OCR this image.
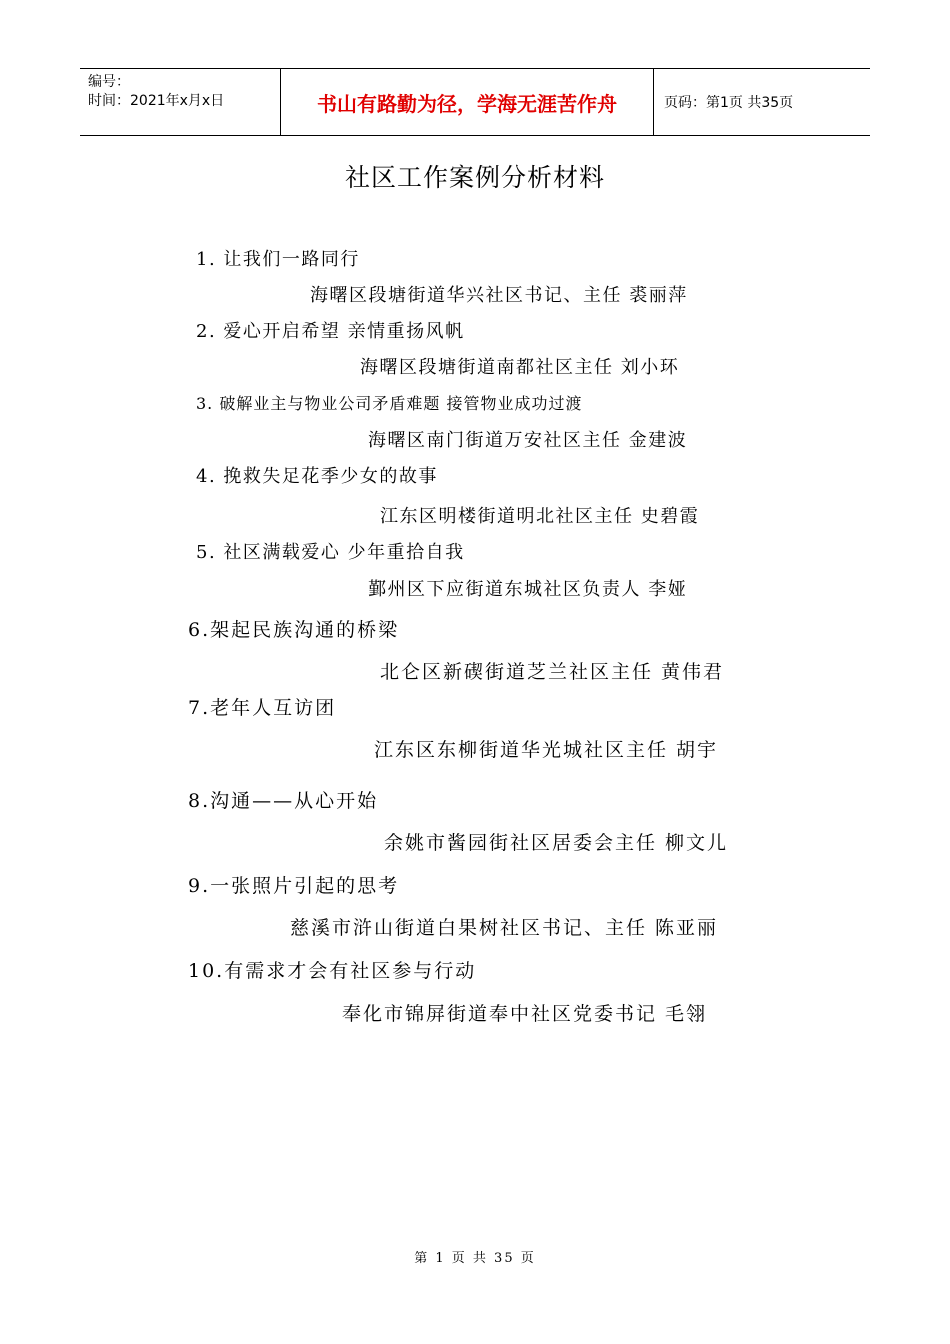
编号：
时间：2021年x月x日	书山有路勤为径，学海无涯苦作舟	页码：第1页 共35页
社区工作案例分析材料
1. 让我们一路同行
海曙区段塘街道华兴社区书记、主任 裘丽萍
2. 爱心开启希望 亲情重扬风帆
海曙区段塘街道南都社区主任 刘小环
3. 破解业主与物业公司矛盾难题 接管物业成功过渡
海曙区南门街道万安社区主任 金建波
4. 挽救失足花季少女的故事
江东区明楼街道明北社区主任 史碧霞
5. 社区满载爱心 少年重拾自我
鄞州区下应街道东城社区负责人 李娅
6.架起民族沟通的桥梁
北仑区新碶街道芝兰社区主任 黄伟君
7.老年人互访团
江东区东柳街道华光城社区主任 胡宇
8.沟通——从心开始
余姚市酱园街社区居委会主任 柳文儿
9.一张照片引起的思考
慈溪市浒山街道白果树社区书记、主任 陈亚丽
10.有需求才会有社区参与行动
奉化市锦屏街道奉中社区党委书记 毛翎
第 1 页 共 35 页
